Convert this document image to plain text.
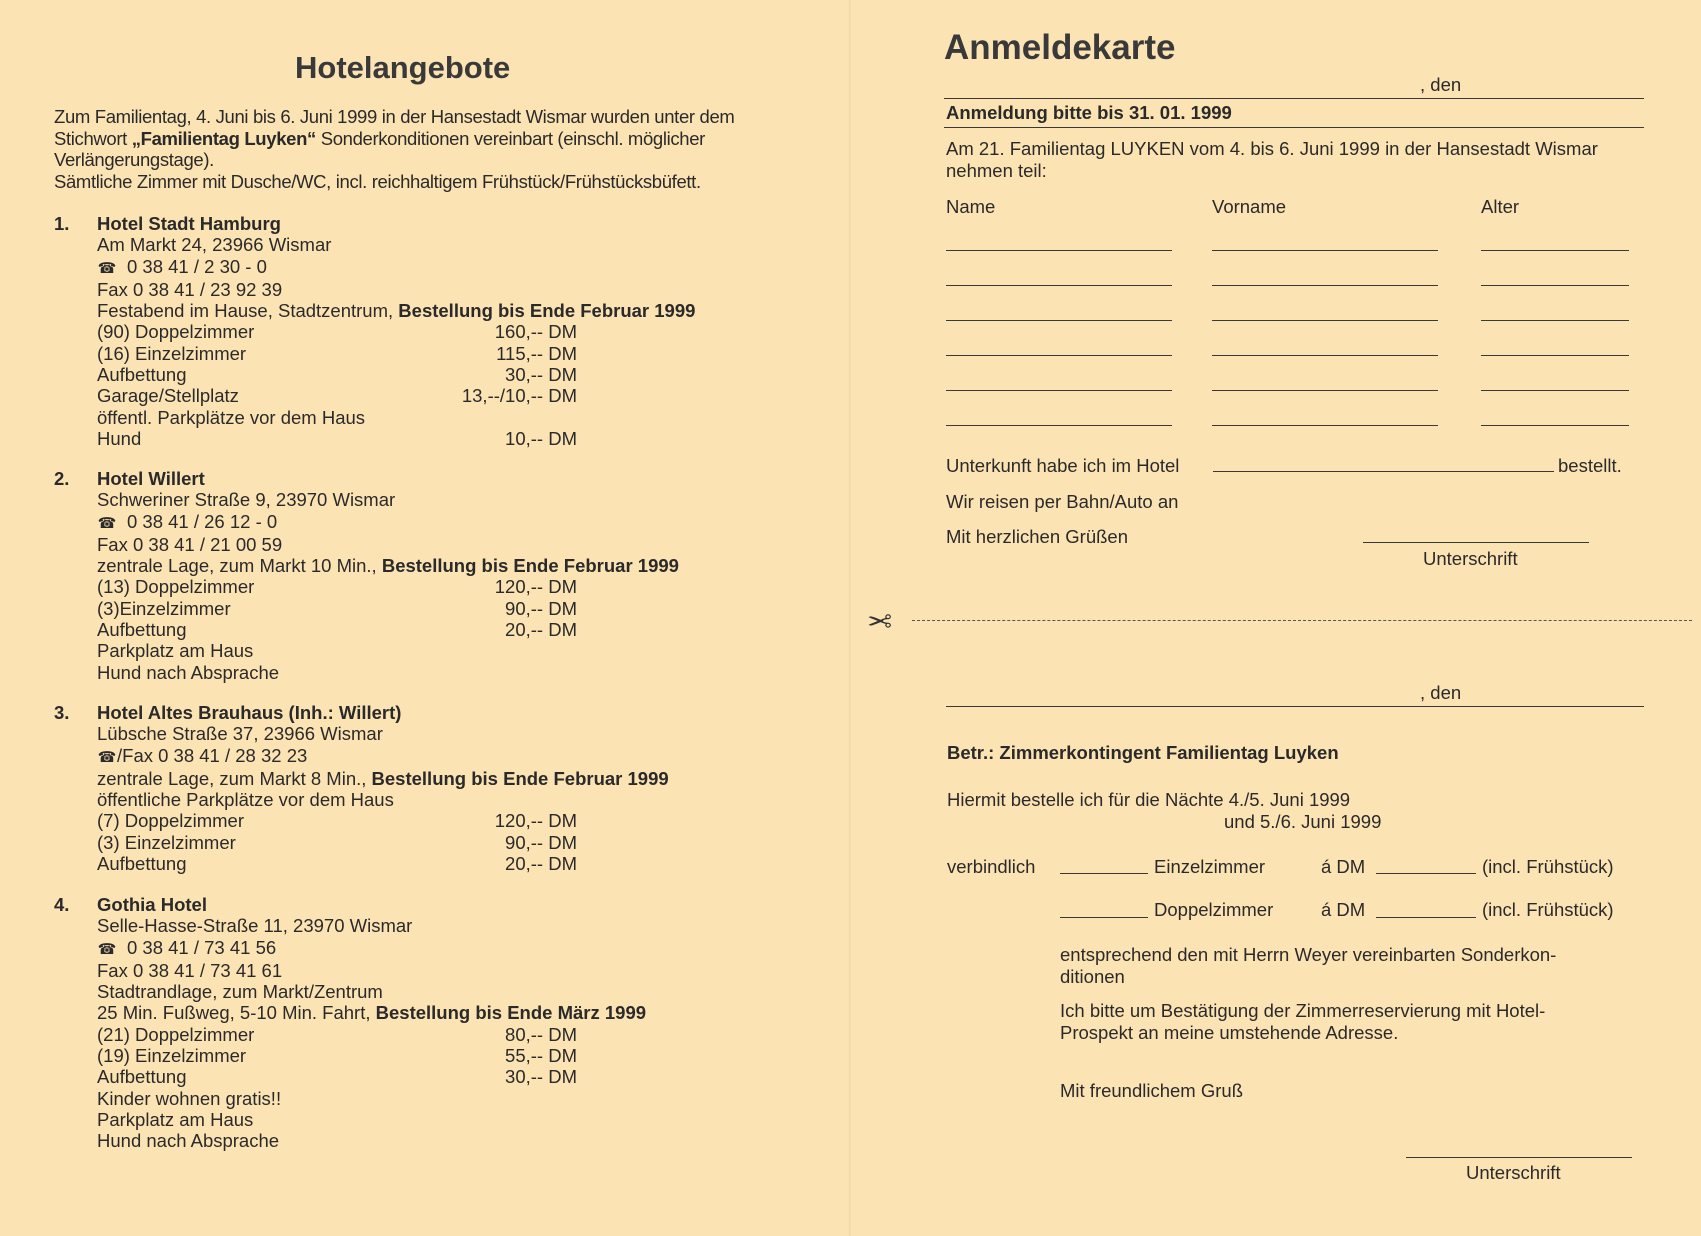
Hotelangebote
Zum Familientag, 4. Juni bis 6. Juni 1999 in der Hansestadt Wismar wurden unter dem Stichwort „Familientag Luyken“ Sonderkonditionen vereinbart (einschl. möglicher Verlängerungstage).
Sämtliche Zimmer mit Dusche/WC, incl. reichhaltigem Frühstück/Frühstücksbüfett.
1. Hotel Stadt Hamburg
Am Markt 24, 23966 Wismar
☎ 0 38 41 / 2 30 - 0
Fax 0 38 41 / 23 92 39
Festabend im Hause, Stadtzentrum, Bestellung bis Ende Februar 1999
(90) Doppelzimmer	160,-- DM
(16) Einzelzimmer	115,-- DM
Aufbettung	30,-- DM
Garage/Stellplatz	13,--/10,-- DM
öffentl. Parkplätze vor dem Haus
Hund	10,-- DM
2. Hotel Willert
Schweriner Straße 9, 23970 Wismar
☎ 0 38 41 / 26 12 - 0
Fax 0 38 41 / 21 00 59
zentrale Lage, zum Markt 10 Min., Bestellung bis Ende Februar 1999
(13) Doppelzimmer	120,-- DM
(3)Einzelzimmer	90,-- DM
Aufbettung	20,-- DM
Parkplatz am Haus
Hund nach Absprache
3. Hotel Altes Brauhaus (Inh.: Willert)
Lübsche Straße 37, 23966 Wismar
☎/Fax 0 38 41 / 28 32 23
zentrale Lage, zum Markt 8 Min., Bestellung bis Ende Februar 1999
öffentliche Parkplätze vor dem Haus
(7) Doppelzimmer	120,-- DM
(3) Einzelzimmer	90,-- DM
Aufbettung	20,-- DM
4. Gothia Hotel
Selle-Hasse-Straße 11, 23970 Wismar
☎ 0 38 41 / 73 41 56
Fax 0 38 41 / 73 41 61
Stadtrandlage, zum Markt/Zentrum
25 Min. Fußweg, 5-10 Min. Fahrt, Bestellung bis Ende März 1999
(21) Doppelzimmer	80,-- DM
(19) Einzelzimmer	55,-- DM
Aufbettung	30,-- DM
Kinder wohnen gratis!!
Parkplatz am Haus
Hund nach Absprache
Anmeldekarte
, den
Anmeldung bitte bis 31. 01. 1999
Am 21. Familientag LUYKEN vom 4. bis 6. Juni 1999 in der Hansestadt Wismar
nehmen teil:
Name	Vorname	Alter
Unterkunft habe ich im Hotel	bestellt.
Wir reisen per Bahn/Auto an
Mit herzlichen Grüßen
Unterschrift
✂
, den
Betr.: Zimmerkontingent Familientag Luyken
Hiermit bestelle ich für die Nächte 4./5. Juni 1999
und 5./6. Juni 1999
verbindlich	Einzelzimmer	á DM	(incl. Frühstück)
Doppelzimmer	á DM	(incl. Frühstück)
entsprechend den mit Herrn Weyer vereinbarten Sonderkon-
ditionen
Ich bitte um Bestätigung der Zimmerreservierung mit Hotel-
Prospekt an meine umstehende Adresse.
Mit freundlichem Gruß
Unterschrift
